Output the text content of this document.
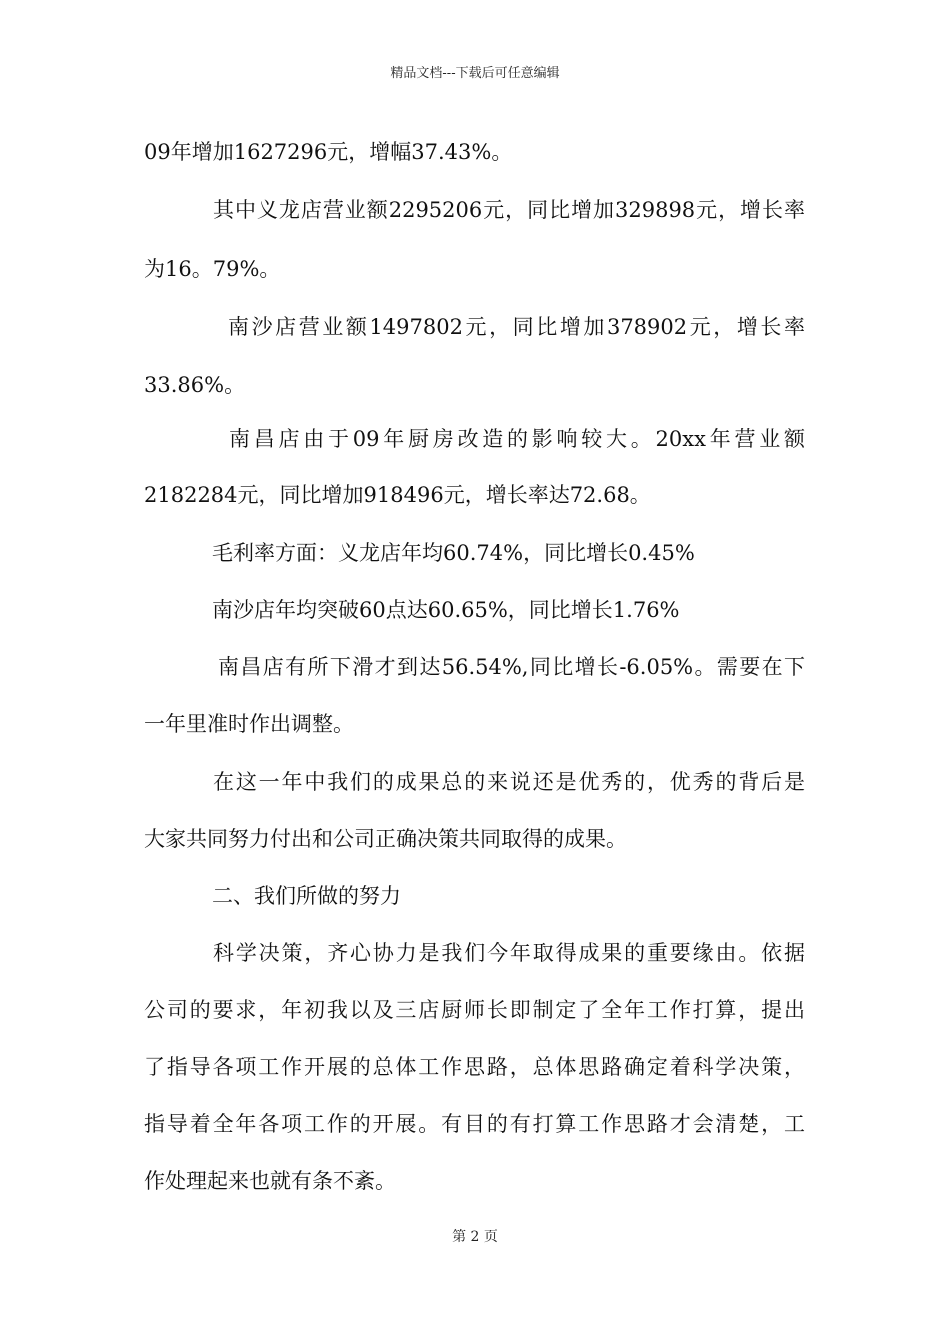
精品文档---下载后可任意编辑
09年增加1627296元，增幅37.43%。
其中义龙店营业额2295206元，同比增加329898元，增长率
为16。79%。
南沙店营业额1497802元，同比增加378902元，增长率
33.86%。
南昌店由于09年厨房改造的影响较大。20xx年营业额
2182284元，同比增加918496元，增长率达72.68。
毛利率方面：义龙店年均60.74%，同比增长0.45%
南沙店年均突破60点达60.65%，同比增长1.76%
南昌店有所下滑才到达56.54%,同比增长-6.05%。需要在下
一年里准时作出调整。
在这一年中我们的成果总的来说还是优秀的，优秀的背后是
大家共同努力付出和公司正确决策共同取得的成果。
二、我们所做的努力
科学决策，齐心协力是我们今年取得成果的重要缘由。依据
公司的要求，年初我以及三店厨师长即制定了全年工作打算，提出
了指导各项工作开展的总体工作思路，总体思路确定着科学决策，
指导着全年各项工作的开展。有目的有打算工作思路才会清楚，工
作处理起来也就有条不紊。
第 2 页
